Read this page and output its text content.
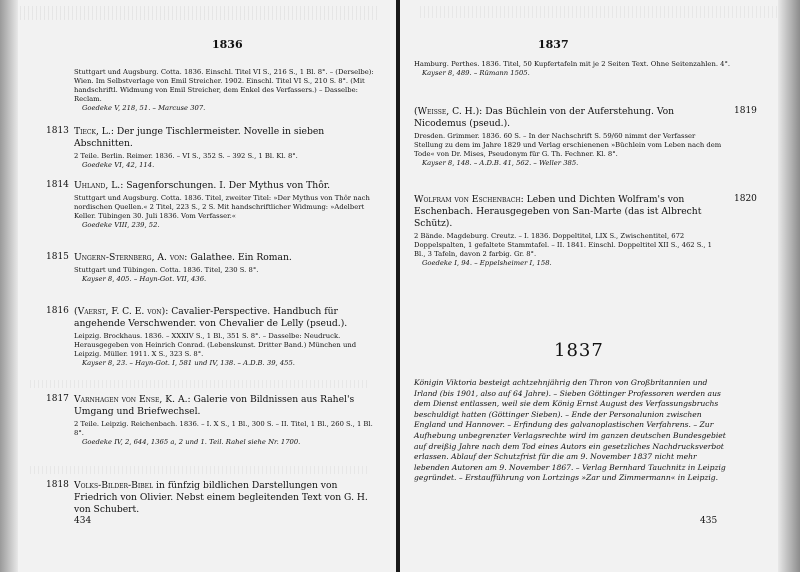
1836
Stuttgart und Augsburg. Cotta. 1836. Einschl. Titel VI S., 216 S., 1 Bl. 8°. – (Derselbe): Wien. Im Selbstverlage von Emil Streicher. 1902. Einschl. Titel VI S., 210 S. 8°. (Mit handschriftl. Widmung von Emil Streicher, dem Enkel des Verfassers.) – Dasselbe: Reclam.
Goedeke V, 218, 51. – Marcuse 307.
1813 Tieck, L.: Der junge Tischlermeister. Novelle in sieben Abschnitten.
2 Teile. Berlin. Reimer. 1836. – VI S., 352 S. – 392 S., 1 Bl. Kl. 8°.
Goedeke VI, 42, 114.
1814 Uhland, L.: Sagenforschungen. I. Der Mythus von Thôr.
Stuttgart und Augsburg. Cotta. 1836. Titel, zweiter Titel: »Der Mythus von Thôr nach nordischen Quellen.« 2 Titel, 223 S., 2 S. Mit handschriftlicher Widmung: »Adelbert Keller. Tübingen 30. Juli 1836. Vom Verfasser.«
Goedeke VIII, 239, 52.
1815 Ungern-Sternberg, A. von: Galathee. Ein Roman.
Stuttgart und Tübingen. Cotta. 1836. Titel, 230 S. 8°.
Kayser 8, 405. – Hayn-Got. VII, 436.
1816 (Vaerst, F. C. E. von): Cavalier-Perspective. Handbuch für angehende Verschwender. von Chevalier de Lelly (pseud.).
Leipzig. Brockhaus. 1836. – XXXIV S., 1 Bl., 351 S. 8°. – Dasselbe: Neudruck. Herausgegeben von Heinrich Conrad. (Lebenskunst. Dritter Band.) München und Leipzig. Müller. 1911. X S., 323 S. 8°.
Kayser 8, 23. – Hayn-Got. I, 581 und IV, 138. – A.D.B. 39, 455.
1817 Varnhagen von Ense, K. A.: Galerie von Bildnissen aus Rahel's Umgang und Briefwechsel.
2 Teile. Leipzig. Reichenbach. 1836. – I. X S., 1 Bl., 300 S. – II. Titel, 1 Bl., 260 S., 1 Bl. 8°.
Goedeke IV, 2, 644, 1365 a, 2 und 1. Teil. Rahel siehe Nr. 1700.
1818 Volks-Bilder-Bibel in fünfzig bildlichen Darstellungen von Friedrich von Olivier. Nebst einem begleitenden Text von G. H. von Schubert.
434
1837
Hamburg. Perthes. 1836. Titel, 50 Kupfertafeln mit je 2 Seiten Text. Ohne Seitenzahlen. 4°.
Kayser 8, 489. – Rümann 1505.
(Weisse, C. H.): Das Büchlein von der Auferstehung. Von Nicodemus (pseud.).
Dresden. Grimmer. 1836. 60 S. – In der Nachschrift S. 59/60 nimmt der Verfasser Stellung zu dem im Jahre 1829 und Verlag erschienenen »Büchlein vom Leben nach dem Tode« von Dr. Mises, Pseudonym für G. Th. Fechner. Kl. 8°.
Kayser 8, 148. – A.D.B. 41, 562. – Weller 385.
1819
Wolfram von Eschenbach: Leben und Dichten Wolfram's von Eschenbach. Herausgegeben von San-Marte (das ist Albrecht Schütz).
2 Bände. Magdeburg. Creutz. – I. 1836. Doppeltitel, LIX S., Zwischentitel, 672 Doppelspalten, 1 gefaltete Stammtafel. – II. 1841. Einschl. Doppeltitel XII S., 462 S., 1 Bl., 3 Tafeln, davon 2 farbig. Gr. 8°.
Goedeke I, 94. – Eppelsheimer I, 158.
1820
1837
Königin Viktoria besteigt achtzehnjährig den Thron von Großbritannien und Irland (bis 1901, also auf 64 Jahre). – Sieben Göttinger Professoren werden aus dem Dienst entlassen, weil sie dem König Ernst August des Verfassungsbruchs beschuldigt hatten (Göttinger Sieben). – Ende der Personalunion zwischen England und Hannover. – Erfindung des galvanoplastischen Verfahrens. – Zur Aufhebung unbegrenzter Verlagsrechte wird im ganzen deutschen Bundesgebiet auf dreißig Jahre nach dem Tod eines Autors ein gesetzliches Nachdrucksverbot erlassen. Ablauf der Schutzfrist für die am 9. November 1837 nicht mehr lebenden Autoren am 9. November 1867. – Verlag Bernhard Tauchnitz in Leipzig gegründet. – Erstaufführung von Lortzings »Zar und Zimmermann« in Leipzig.
435
